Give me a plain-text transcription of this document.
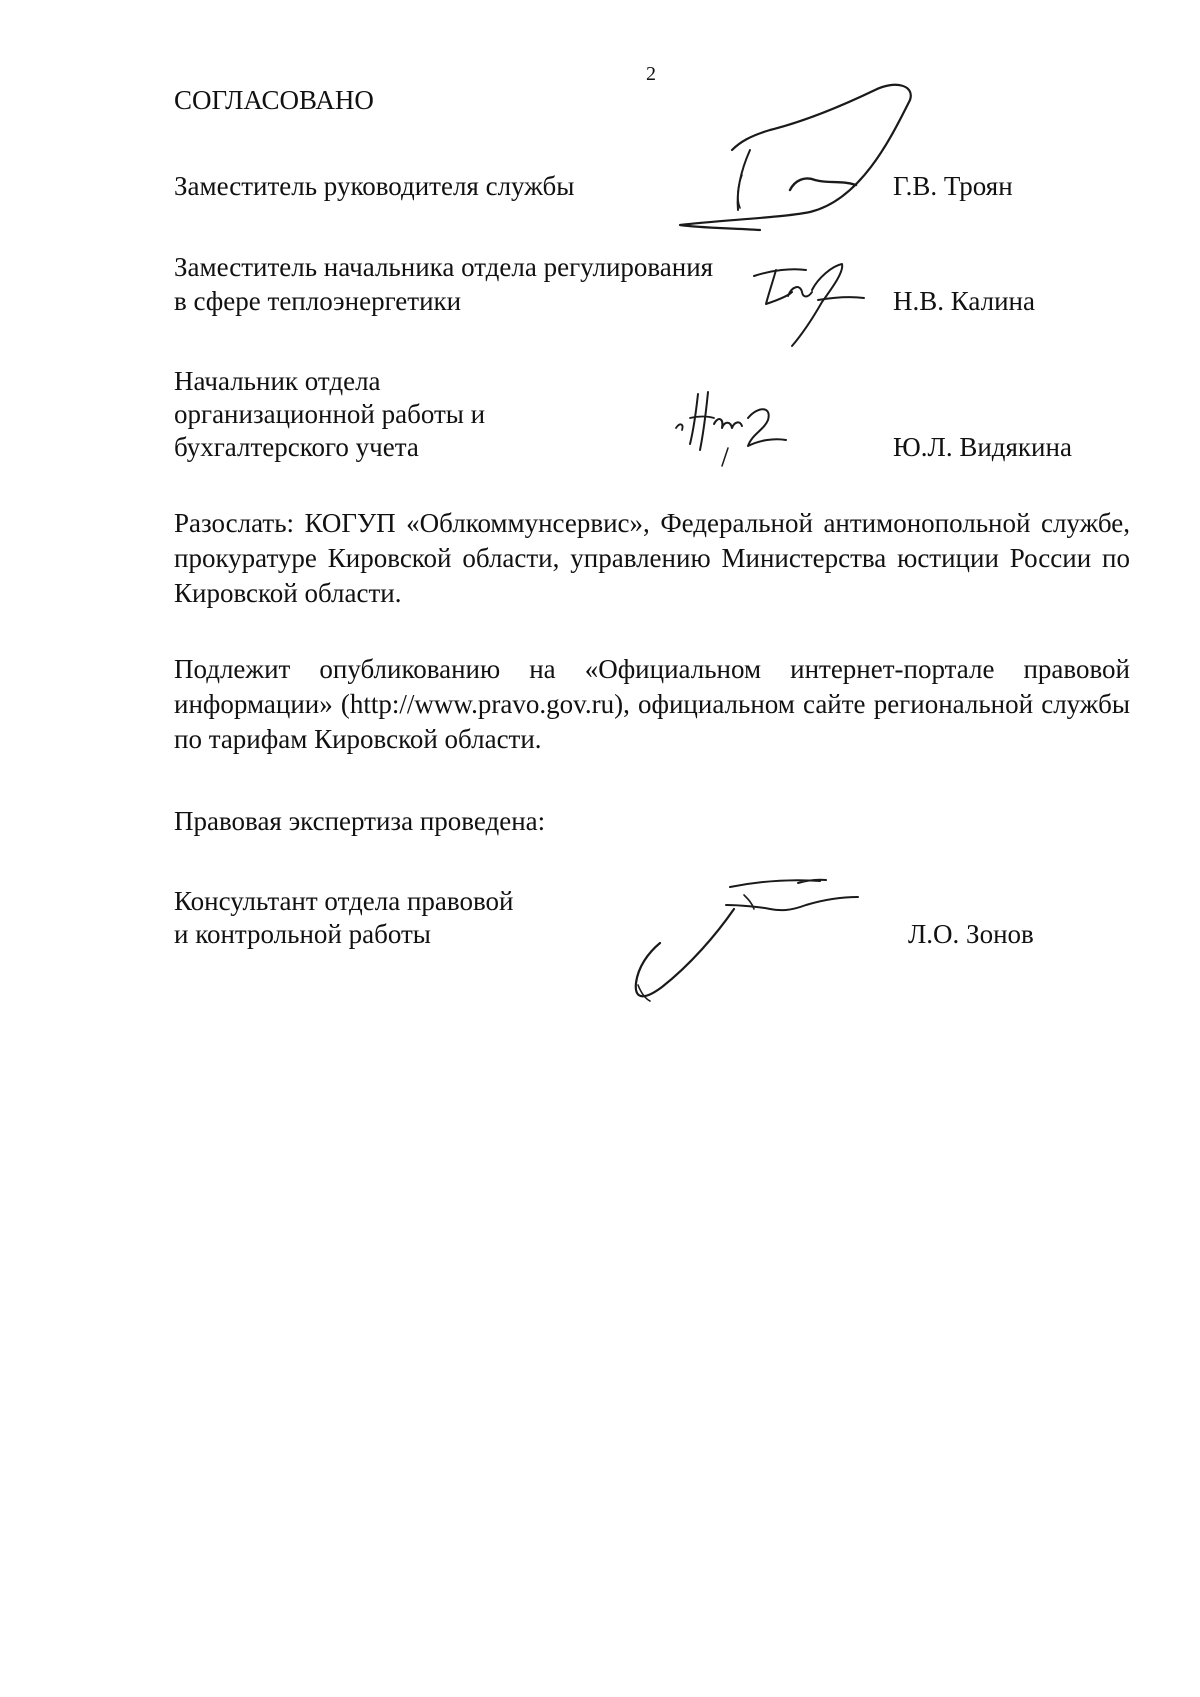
2
СОГЛАСОВАНО
Заместитель руководителя службы	Г.В. Троян
Заместитель начальника отдела регулирования
в сфере теплоэнергетики	Н.В. Калина
Начальник отдела
организационной работы и
бухгалтерского учета	Ю.Л. Видякина
Разослать: КОГУП «Облкоммунсервис», Федеральной антимонопольной службе, прокуратуре Кировской области, управлению Министерства юстиции России по Кировской области.
Подлежит опубликованию на «Официальном интернет-портале правовой информации» (http://www.pravo.gov.ru), официальном сайте региональной службы по тарифам Кировской области.
Правовая экспертиза проведена:
Консультант отдела правовой
и контрольной работы	Л.О. Зонов
